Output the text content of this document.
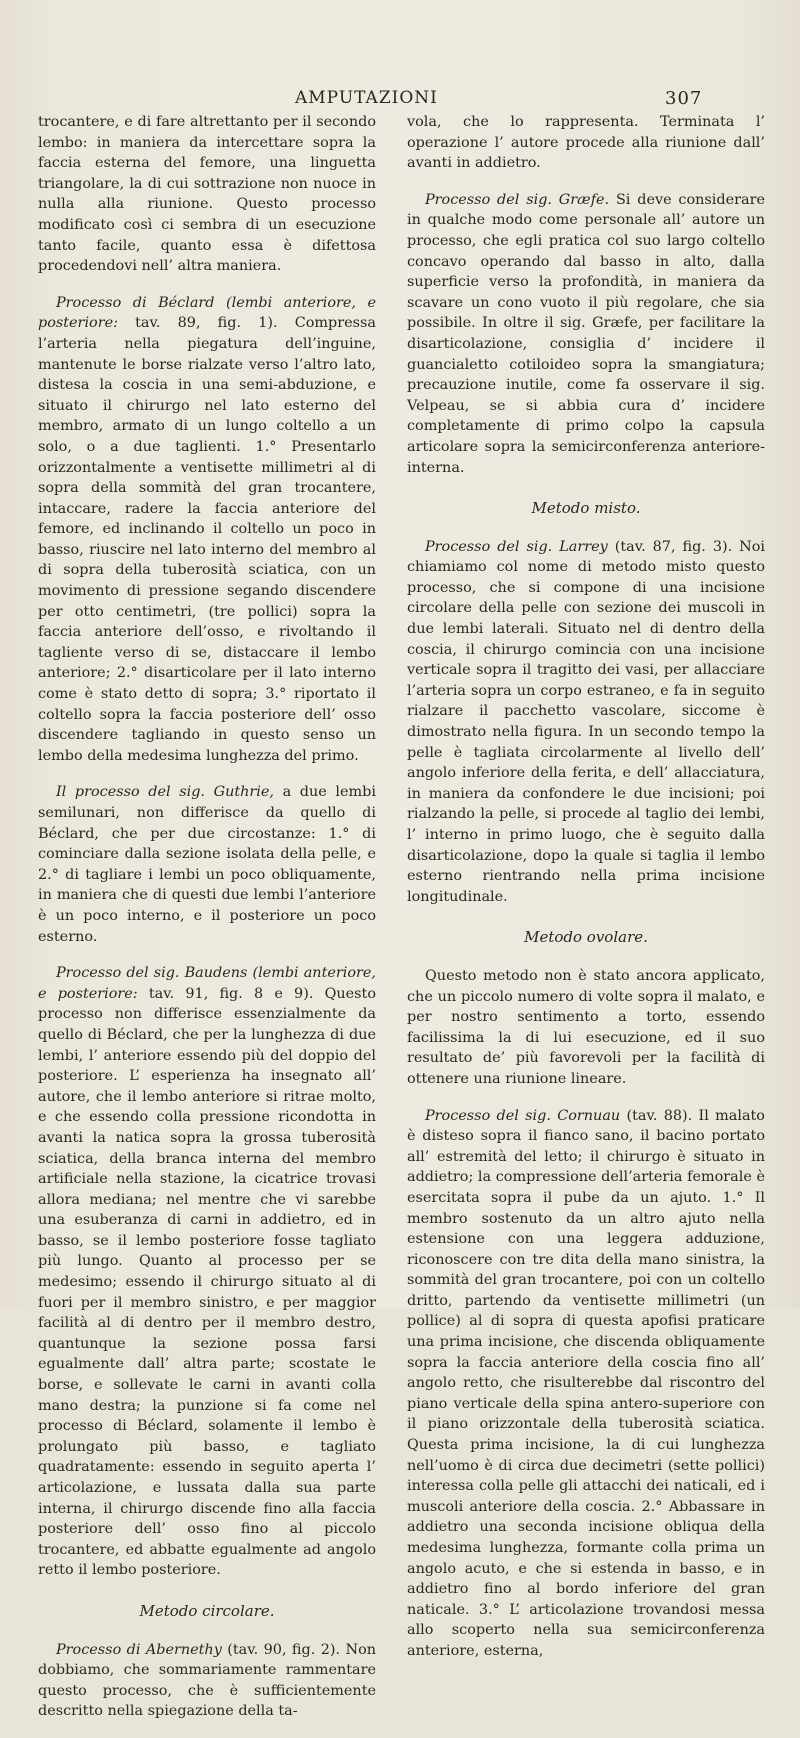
AMPUTAZIONI	307

trocantere, e di fare altrettanto per il secondo lembo: in maniera da intercettare sopra la faccia esterna del femore, una linguetta triangolare, la di cui sottrazione non nuoce in nulla alla riunione. Questo processo modificato così ci sembra di un esecuzione tanto facile, quanto essa è difettosa procedendovi nell’ altra maniera.

Processo di Béclard (lembi anteriore, e posteriore: tav. 89, fig. 1). Compressa l’arteria nella piegatura dell’inguine, mantenute le borse rialzate verso l’altro lato, distesa la coscia in una semi-abduzione, e situato il chirurgo nel lato esterno del membro, armato di un lungo coltello a un solo, o a due taglienti. 1.° Presentarlo orizzontalmente a ventisette millimetri al di sopra della sommità del gran trocantere, intaccare, radere la faccia anteriore del femore, ed inclinando il coltello un poco in basso, riuscire nel lato interno del membro al di sopra della tuberosità sciatica, con un movimento di pressione segando discendere per otto centimetri, (tre pollici) sopra la faccia anteriore dell’osso, e rivoltando il tagliente verso di se, distaccare il lembo anteriore; 2.° disarticolare per il lato interno come è stato detto di sopra; 3.° riportato il coltello sopra la faccia posteriore dell’ osso discendere tagliando in questo senso un lembo della medesima lunghezza del primo.

Il processo del sig. Guthrie, a due lembi semilunari, non differisce da quello di Béclard, che per due circostanze: 1.° di cominciare dalla sezione isolata della pelle, e 2.° di tagliare i lembi un poco obliquamente, in maniera che di questi due lembi l’anteriore è un poco interno, e il posteriore un poco esterno.

Processo del sig. Baudens (lembi anteriore, e posteriore: tav. 91, fig. 8 e 9). Questo processo non differisce essenzialmente da quello di Béclard, che per la lunghezza di due lembi, l’ anteriore essendo più del doppio del posteriore. L’ esperienza ha insegnato all’ autore, che il lembo anteriore si ritrae molto, e che essendo colla pressione ricondotta in avanti la natica sopra la grossa tuberosità sciatica, della branca interna del membro artificiale nella stazione, la cicatrice trovasi allora mediana; nel mentre che vi sarebbe una esuberanza di carni in addietro, ed in basso, se il lembo posteriore fosse tagliato più lungo. Quanto al processo per se medesimo; essendo il chirurgo situato al di fuori per il membro sinistro, e per maggior facilità al di dentro per il membro destro, quantunque la sezione possa farsi egualmente dall’ altra parte; scostate le borse, e sollevate le carni in avanti colla mano destra; la punzione si fa come nel processo di Béclard, solamente il lembo è prolungato più basso, e tagliato quadratamente: essendo in seguito aperta l’ articolazione, e lussata dalla sua parte interna, il chirurgo discende fino alla faccia posteriore dell’ osso fino al piccolo trocantere, ed abbatte egualmente ad angolo retto il lembo posteriore.

Metodo circolare.

Processo di Abernethy (tav. 90, fig. 2). Non dobbiamo, che sommariamente rammentare questo processo, che è sufficientemente descritto nella spiegazione della ta-

vola, che lo rappresenta. Terminata l’ operazione l’ autore procede alla riunione dall’ avanti in addietro.

Processo del sig. Græfe. Si deve considerare in qualche modo come personale all’ autore un processo, che egli pratica col suo largo coltello concavo operando dal basso in alto, dalla superficie verso la profondità, in maniera da scavare un cono vuoto il più regolare, che sia possibile. In oltre il sig. Græfe, per facilitare la disarticolazione, consiglia d’ incidere il guancialetto cotiloideo sopra la smangiatura; precauzione inutile, come fa osservare il sig. Velpeau, se si abbia cura d’ incidere completamente di primo colpo la capsula articolare sopra la semicirconferenza anteriore-interna.

Metodo misto.

Processo del sig. Larrey (tav. 87, fig. 3). Noi chiamiamo col nome di metodo misto questo processo, che si compone di una incisione circolare della pelle con sezione dei muscoli in due lembi laterali. Situato nel di dentro della coscia, il chirurgo comincia con una incisione verticale sopra il tragitto dei vasi, per allacciare l’arteria sopra un corpo estraneo, e fa in seguito rialzare il pacchetto vascolare, siccome è dimostrato nella figura. In un secondo tempo la pelle è tagliata circolarmente al livello dell’ angolo inferiore della ferita, e dell’ allacciatura, in maniera da confondere le due incisioni; poi rialzando la pelle, si procede al taglio dei lembi, l’ interno in primo luogo, che è seguito dalla disarticolazione, dopo la quale si taglia il lembo esterno rientrando nella prima incisione longitudinale.

Metodo ovolare.

Questo metodo non è stato ancora applicato, che un piccolo numero di volte sopra il malato, e per nostro sentimento a torto, essendo facilissima la di lui esecuzione, ed il suo resultato de’ più favorevoli per la facilità di ottenere una riunione lineare.

Processo del sig. Cornuau (tav. 88). Il malato è disteso sopra il fianco sano, il bacino portato all’ estremità del letto; il chirurgo è situato in addietro; la compressione dell’arteria femorale è esercitata sopra il pube da un ajuto. 1.° Il membro sostenuto da un altro ajuto nella estensione con una leggera adduzione, riconoscere con tre dita della mano sinistra, la sommità del gran trocantere, poi con un coltello dritto, partendo da ventisette millimetri (un pollice) al di sopra di questa apofisi praticare una prima incisione, che discenda obliquamente sopra la faccia anteriore della coscia fino all’ angolo retto, che risulterebbe dal riscontro del piano verticale della spina antero-superiore con il piano orizzontale della tuberosità sciatica. Questa prima incisione, la di cui lunghezza nell’uomo è di circa due decimetri (sette pollici) interessa colla pelle gli attacchi dei naticali, ed i muscoli anteriore della coscia. 2.° Abbassare in addietro una seconda incisione obliqua della medesima lunghezza, formante colla prima un angolo acuto, e che si estenda in basso, e in addietro fino al bordo inferiore del gran naticale. 3.° L’ articolazione trovandosi messa allo scoperto nella sua semicirconferenza anteriore, esterna,
